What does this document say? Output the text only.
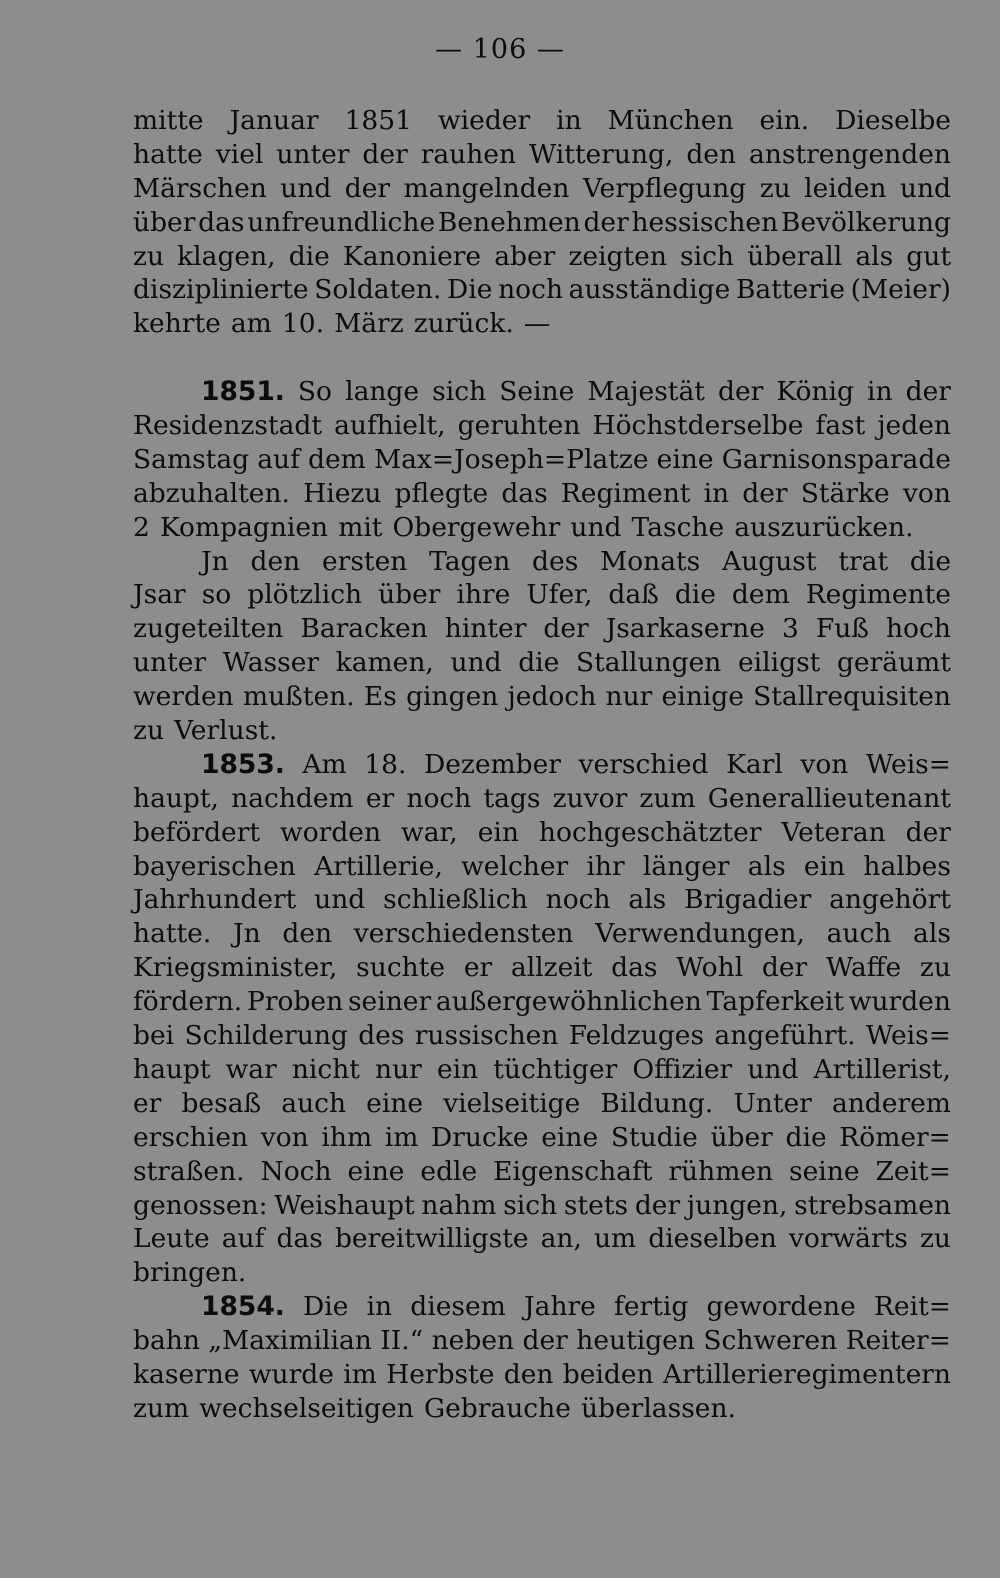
— 106 —
mitte Januar 1851 wieder in München ein. Dieselbe
hatte viel unter der rauhen Witterung, den anstrengenden
Märschen und der mangelnden Verpflegung zu leiden und
über das unfreundliche Benehmen der hessischen Bevölkerung
zu klagen, die Kanoniere aber zeigten sich überall als gut
disziplinierte Soldaten. Die noch ausständige Batterie (Meier)
kehrte am 10. März zurück. —
1851. So lange sich Seine Majestät der König in der
Residenzstadt aufhielt, geruhten Höchstderselbe fast jeden
Samstag auf dem Max=Joseph=Platze eine Garnisonsparade
abzuhalten. Hiezu pflegte das Regiment in der Stärke von
2 Kompagnien mit Obergewehr und Tasche auszurücken.
Jn den ersten Tagen des Monats August trat die
Jsar so plötzlich über ihre Ufer, daß die dem Regimente
zugeteilten Baracken hinter der Jsarkaserne 3 Fuß hoch
unter Wasser kamen, und die Stallungen eiligst geräumt
werden mußten. Es gingen jedoch nur einige Stallrequisiten
zu Verlust.
1853. Am 18. Dezember verschied Karl von Weis=
haupt, nachdem er noch tags zuvor zum Generallieutenant
befördert worden war, ein hochgeschätzter Veteran der
bayerischen Artillerie, welcher ihr länger als ein halbes
Jahrhundert und schließlich noch als Brigadier angehört
hatte. Jn den verschiedensten Verwendungen, auch als
Kriegsminister, suchte er allzeit das Wohl der Waffe zu
fördern. Proben seiner außergewöhnlichen Tapferkeit wurden
bei Schilderung des russischen Feldzuges angeführt. Weis=
haupt war nicht nur ein tüchtiger Offizier und Artillerist,
er besaß auch eine vielseitige Bildung. Unter anderem
erschien von ihm im Drucke eine Studie über die Römer=
straßen. Noch eine edle Eigenschaft rühmen seine Zeit=
genossen: Weishaupt nahm sich stets der jungen, strebsamen
Leute auf das bereitwilligste an, um dieselben vorwärts zu
bringen.
1854. Die in diesem Jahre fertig gewordene Reit=
bahn „Maximilian II.“ neben der heutigen Schweren Reiter=
kaserne wurde im Herbste den beiden Artillerieregimentern
zum wechselseitigen Gebrauche überlassen.
